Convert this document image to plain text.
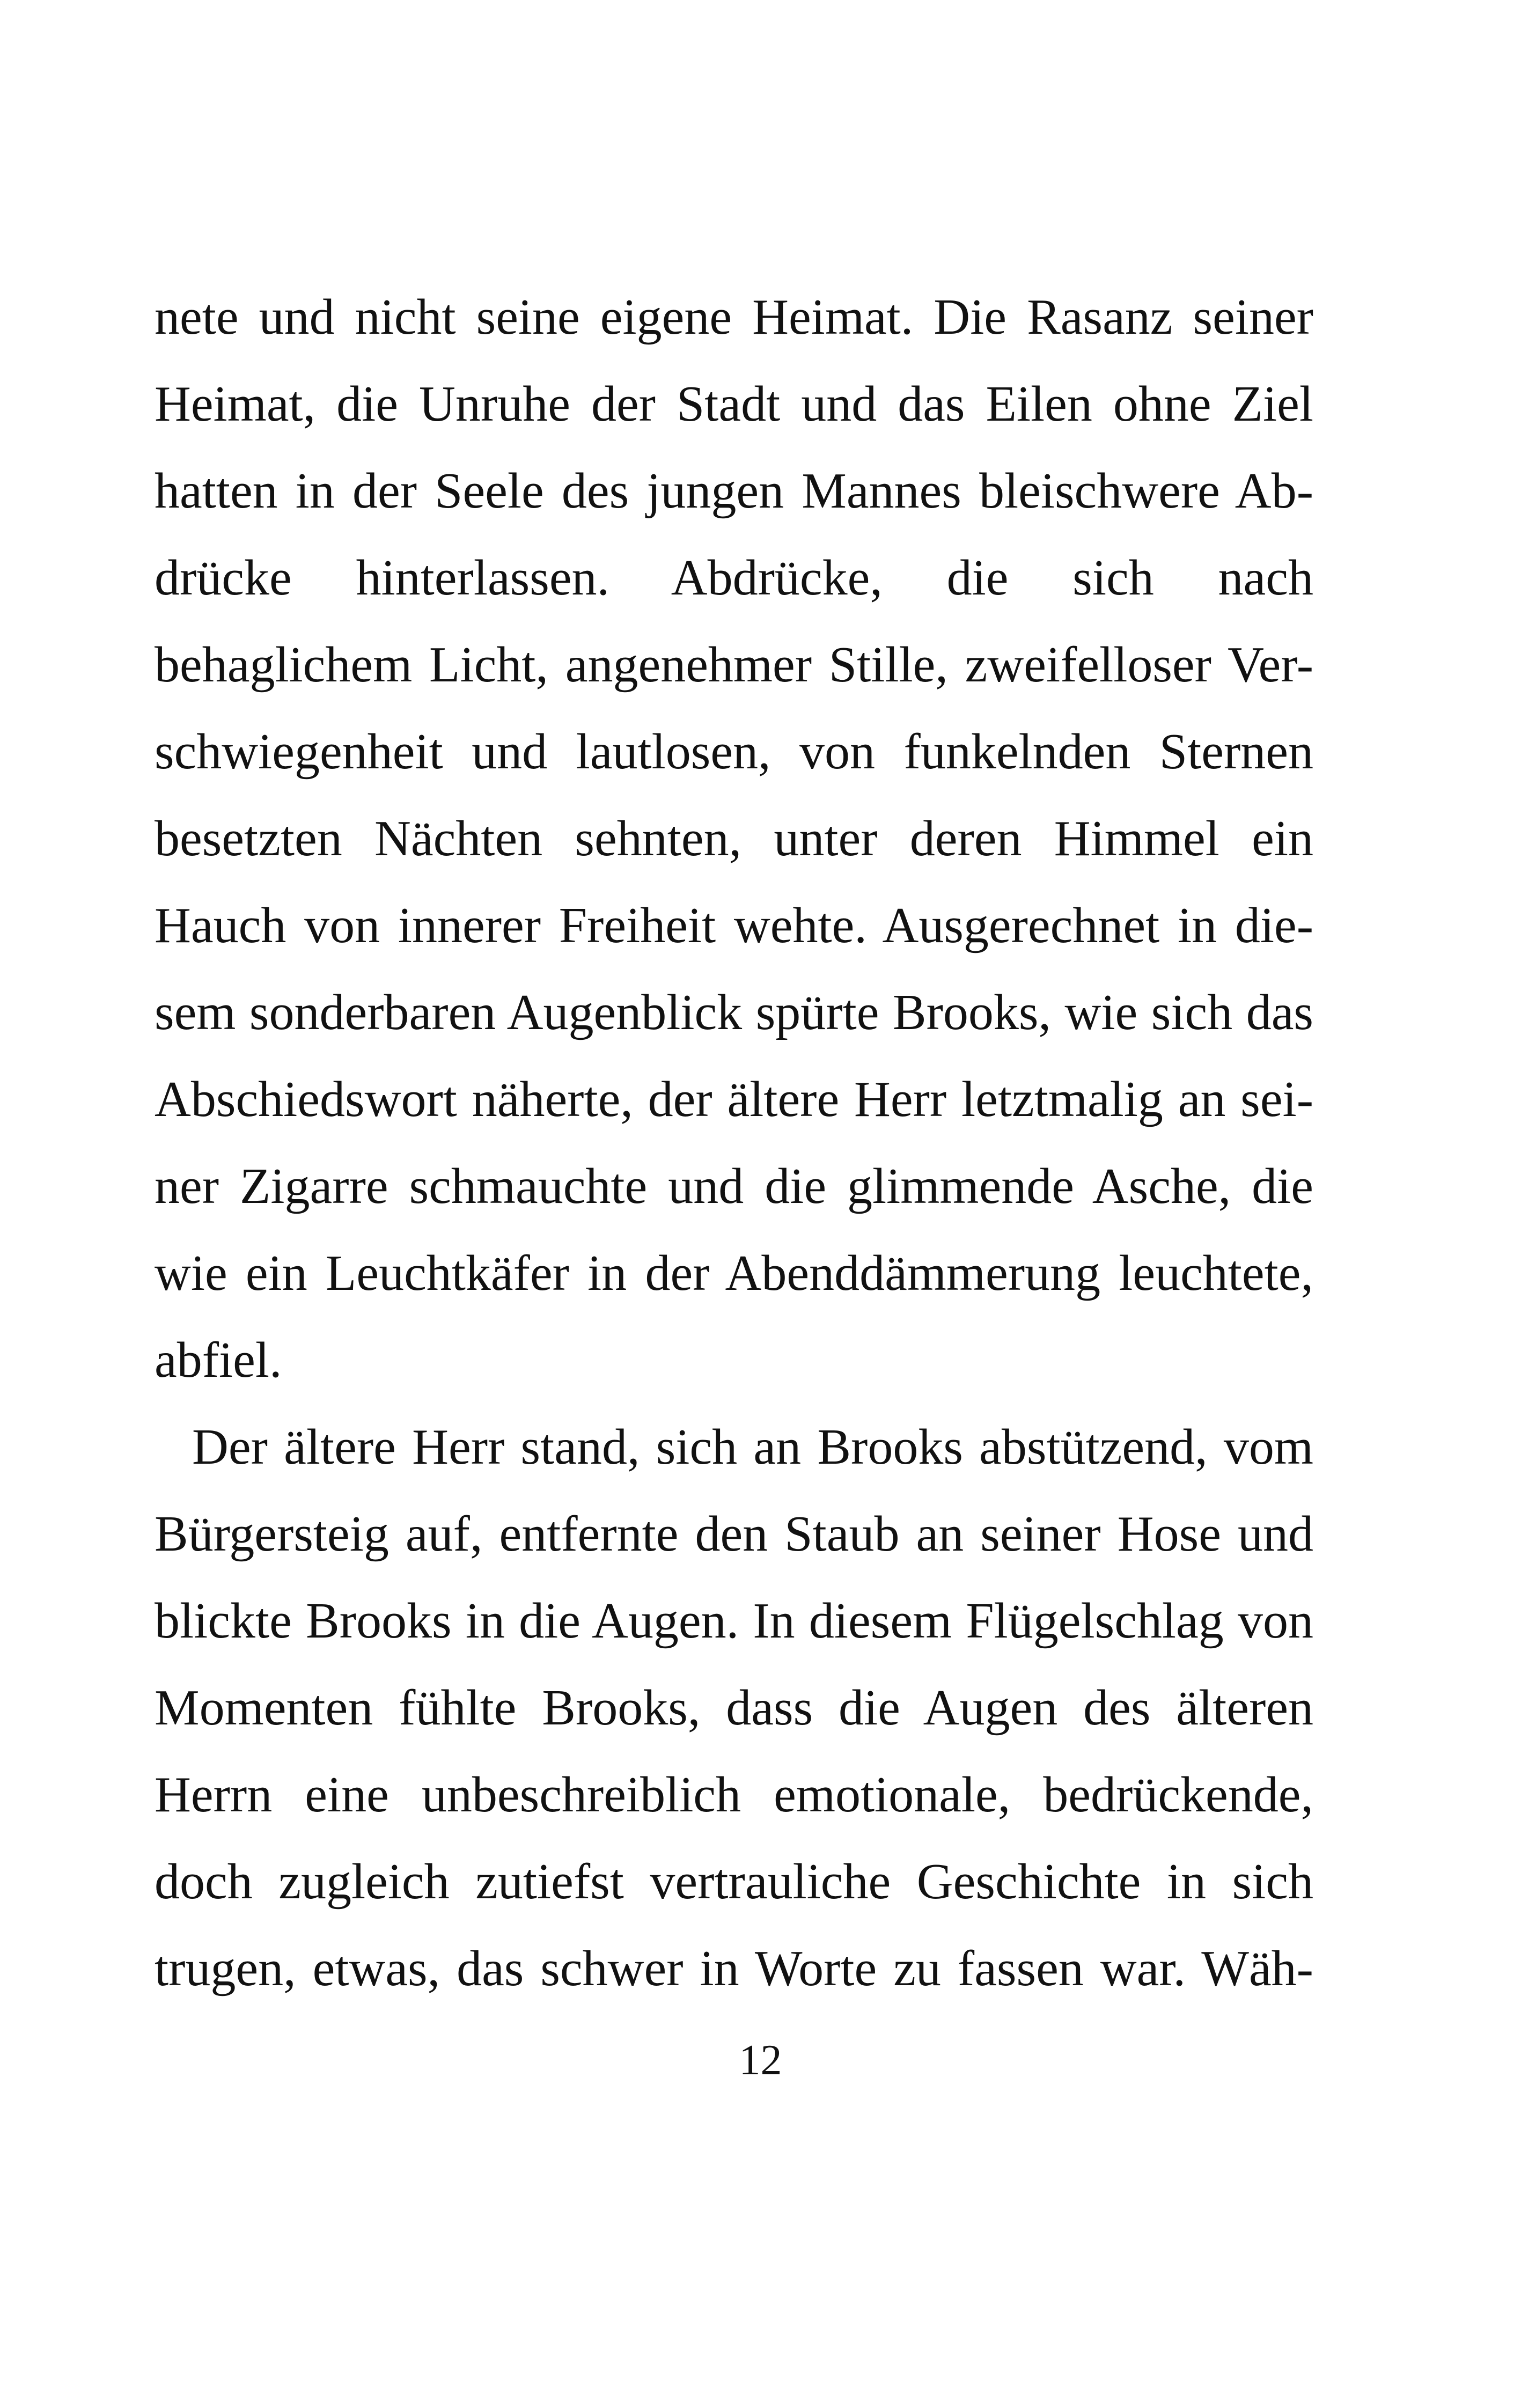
nete und nicht seine eigene Heimat. Die Rasanz seiner
Heimat, die Unruhe der Stadt und das Eilen ohne Ziel
hatten in der Seele des jungen Mannes bleischwere Ab-
drücke hinterlassen. Abdrücke, die sich nach
behaglichem Licht, angenehmer Stille, zweifelloser Ver-
schwiegenheit und lautlosen, von funkelnden Sternen
besetzten Nächten sehnten, unter deren Himmel ein
Hauch von innerer Freiheit wehte. Ausgerechnet in die-
sem sonderbaren Augenblick spürte Brooks, wie sich das
Abschiedswort näherte, der ältere Herr letztmalig an sei-
ner Zigarre schmauchte und die glimmende Asche, die
wie ein Leuchtkäfer in der Abenddämmerung leuchtete,
abfiel.
Der ältere Herr stand, sich an Brooks abstützend, vom
Bürgersteig auf, entfernte den Staub an seiner Hose und
blickte Brooks in die Augen. In diesem Flügelschlag von
Momenten fühlte Brooks, dass die Augen des älteren
Herrn eine unbeschreiblich emotionale, bedrückende,
doch zugleich zutiefst vertrauliche Geschichte in sich
trugen, etwas, das schwer in Worte zu fassen war. Wäh-
12
